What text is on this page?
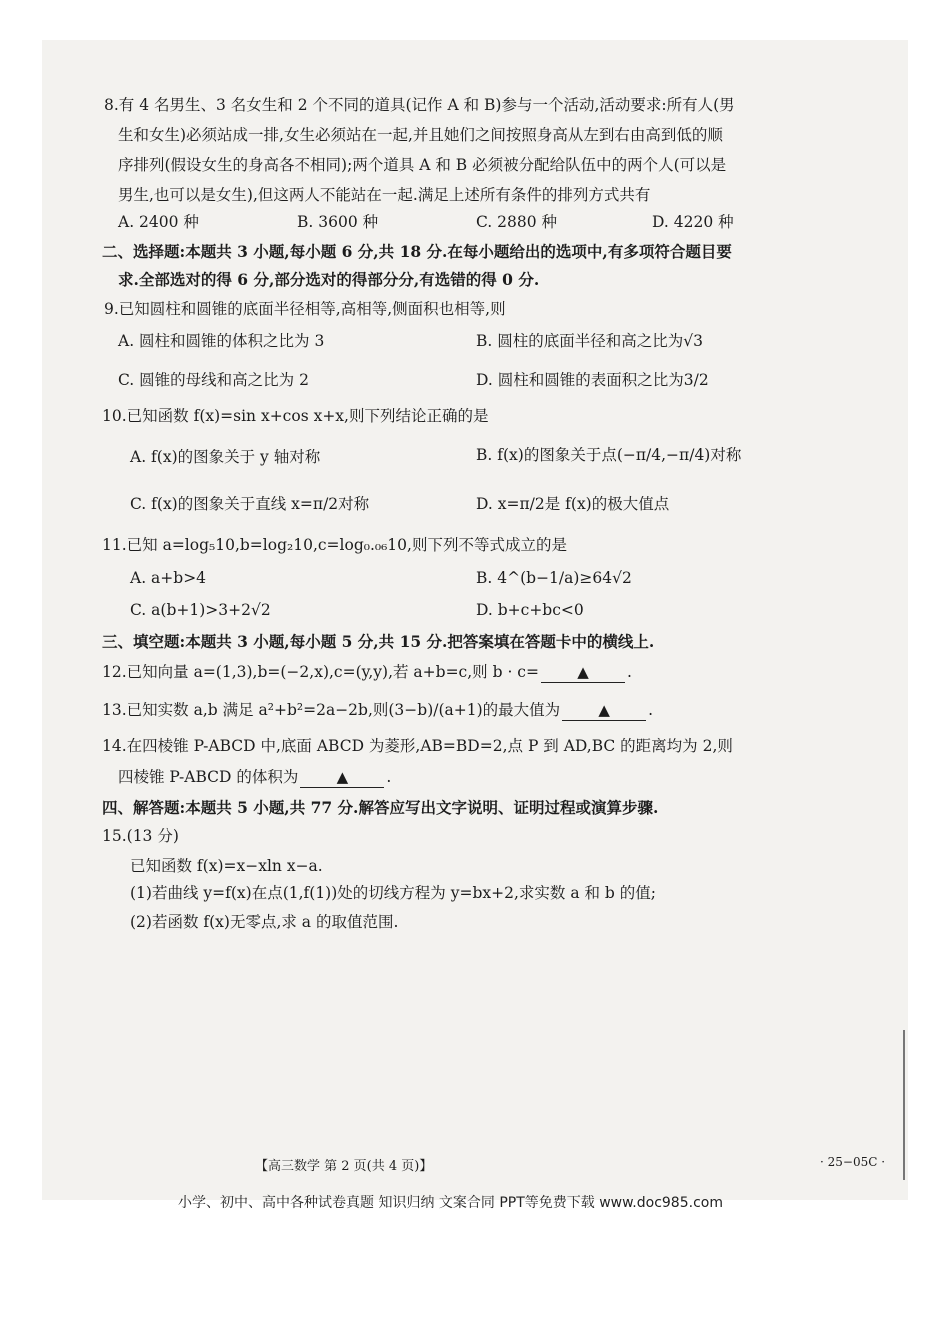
8.有 4 名男生、3 名女生和 2 个不同的道具(记作 A 和 B)参与一个活动,活动要求:所有人(男
生和女生)必须站成一排,女生必须站在一起,并且她们之间按照身高从左到右由高到低的顺
序排列(假设女生的身高各不相同);两个道具 A 和 B 必须被分配给队伍中的两个人(可以是
男生,也可以是女生),但这两人不能站在一起.满足上述所有条件的排列方式共有
A. 2400 种	B. 3600 种	C. 2880 种	D. 4220 种
二、选择题:本题共 3 小题,每小题 6 分,共 18 分.在每小题给出的选项中,有多项符合题目要
求.全部选对的得 6 分,部分选对的得部分分,有选错的得 0 分.
9.已知圆柱和圆锥的底面半径相等,高相等,侧面积也相等,则
A. 圆柱和圆锥的体积之比为 3	B. 圆柱的底面半径和高之比为√3
C. 圆锥的母线和高之比为 2	D. 圆柱和圆锥的表面积之比为3/2
10.已知函数 f(x)=sin x+cos x+x,则下列结论正确的是
A. f(x)的图象关于 y 轴对称	B. f(x)的图象关于点(−π/4,−π/4)对称
C. f(x)的图象关于直线 x=π/2对称	D. x=π/2是 f(x)的极大值点
11.已知 a=log₅10,b=log₂10,c=log₀.₀₆10,则下列不等式成立的是
A. a+b>4	B. 4^(b−1/a)≥64√2
C. a(b+1)>3+2√2	D. b+c+bc<0
三、填空题:本题共 3 小题,每小题 5 分,共 15 分.把答案填在答题卡中的横线上.
12.已知向量 a=(1,3),b=(−2,x),c=(y,y),若 a+b=c,则 b · c=	▲ .
13.已知实数 a,b 满足 a²+b²=2a−2b,则(3−b)/(a+1)的最大值为	▲ .
14.在四棱锥 P-ABCD 中,底面 ABCD 为菱形,AB=BD=2,点 P 到 AD,BC 的距离均为 2,则
四棱锥 P-ABCD 的体积为	▲ .
四、解答题:本题共 5 小题,共 77 分.解答应写出文字说明、证明过程或演算步骤.
15.(13 分)
已知函数 f(x)=x−xln x−a.
(1)若曲线 y=f(x)在点(1,f(1))处的切线方程为 y=bx+2,求实数 a 和 b 的值;
(2)若函数 f(x)无零点,求 a 的取值范围.
【高三数学 第 2 页(共 4 页)】	· 25−05C ·
小学、初中、高中各种试卷真题 知识归纳 文案合同 PPT等免费下载 www.doc985.com
